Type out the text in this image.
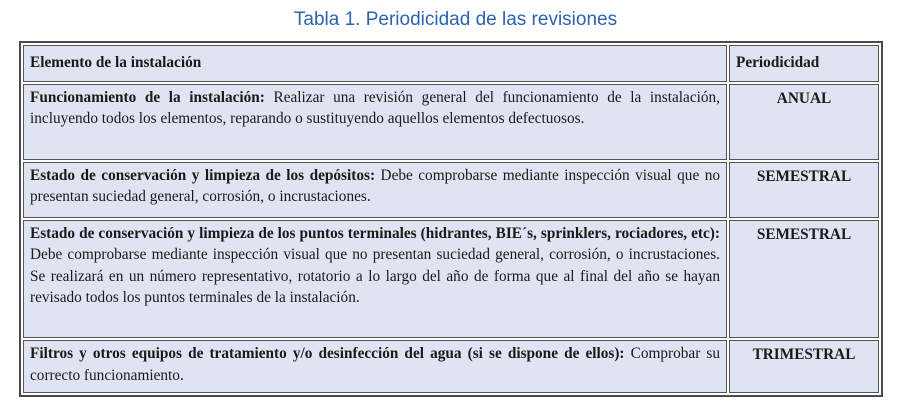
Tabla 1. Periodicidad de las revisiones
Elemento de la instalación	Periodicidad
Funcionamiento de la instalación: Realizar una revisión general del funcionamiento de la instalación, incluyendo todos los elementos, reparando o sustituyendo aquellos elementos defectuosos.	ANUAL
Estado de conservación y limpieza de los depósitos: Debe comprobarse mediante inspección visual que no presentan suciedad general, corrosión, o incrustaciones.	SEMESTRAL
Estado de conservación y limpieza de los puntos terminales (hidrantes, BIE´s, sprinklers, rociadores, etc): Debe comprobarse mediante inspección visual que no presentan suciedad general, corrosión, o incrustaciones. Se realizará en un número representativo, rotatorio a lo largo del año de forma que al final del año se hayan revisado todos los puntos terminales de la instalación.	SEMESTRAL
Filtros y otros equipos de tratamiento y/o desinfección del agua (si se dispone de ellos): Comprobar su correcto funcionamiento.	TRIMESTRAL
